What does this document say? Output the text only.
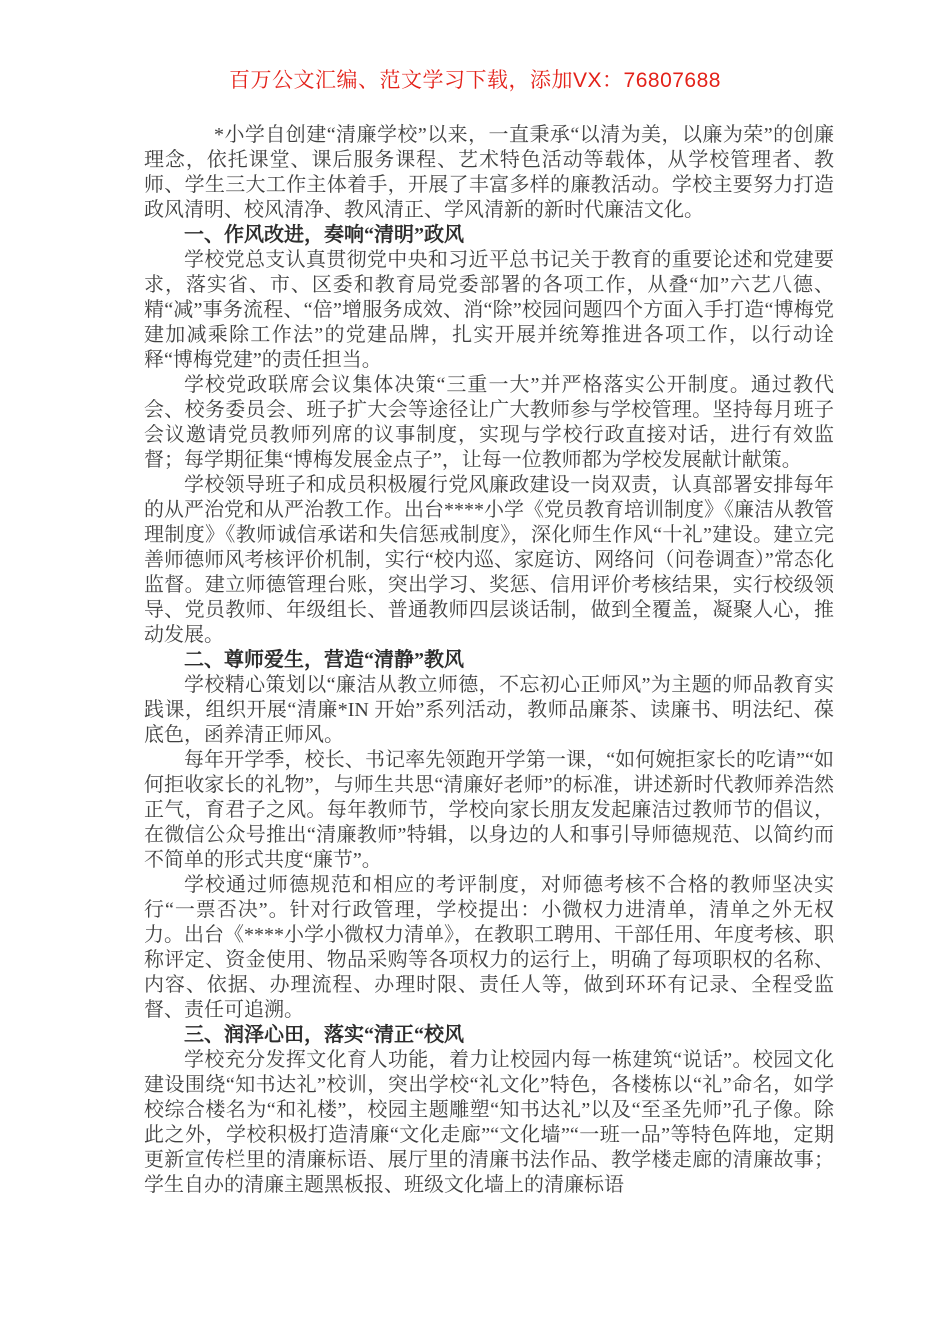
百万公文汇编、范文学习下载，添加VX：76807688

*小学自创建“清廉学校”以来，一直秉承“以清为美，以廉为荣”的创廉理念，依托课堂、课后服务课程、艺术特色活动等载体，从学校管理者、教师、学生三大工作主体着手，开展了丰富多样的廉教活动。学校主要努力打造政风清明、校风清净、教风清正、学风清新的新时代廉洁文化。

一、作风改进，奏响“清明”政风

学校党总支认真贯彻党中央和习近平总书记关于教育的重要论述和党建要求，落实省、市、区委和教育局党委部署的各项工作，从叠“加”六艺八德、精“减”事务流程、“倍”增服务成效、消“除”校园问题四个方面入手打造“博梅党建加减乘除工作法”的党建品牌，扎实开展并统筹推进各项工作，以行动诠释“博梅党建”的责任担当。

学校党政联席会议集体决策“三重一大”并严格落实公开制度。通过教代会、校务委员会、班子扩大会等途径让广大教师参与学校管理。坚持每月班子会议邀请党员教师列席的议事制度，实现与学校行政直接对话，进行有效监督；每学期征集“博梅发展金点子”，让每一位教师都为学校发展献计献策。

学校领导班子和成员积极履行党风廉政建设一岗双责，认真部署安排每年的从严治党和从严治教工作。出台****小学《党员教育培训制度》《廉洁从教管理制度》《教师诚信承诺和失信惩戒制度》，深化师生作风“十礼”建设。建立完善师德师风考核评价机制，实行“校内巡、家庭访、网络问（问卷调查）”常态化监督。建立师德管理台账，突出学习、奖惩、信用评价考核结果，实行校级领导、党员教师、年级组长、普通教师四层谈话制，做到全覆盖，凝聚人心，推动发展。

二、尊师爱生，营造“清静”教风

学校精心策划以“廉洁从教立师德，不忘初心正师风”为主题的师品教育实践课，组织开展“清廉*IN 开始”系列活动，教师品廉茶、读廉书、明法纪、葆底色，函养清正师风。

每年开学季，校长、书记率先领跑开学第一课，“如何婉拒家长的吃请”“如何拒收家长的礼物”，与师生共思“清廉好老师”的标准，讲述新时代教师养浩然正气，育君子之风。每年教师节，学校向家长朋友发起廉洁过教师节的倡议，在微信公众号推出“清廉教师”特辑，以身边的人和事引导师德规范、以简约而不简单的形式共度“廉节”。

学校通过师德规范和相应的考评制度，对师德考核不合格的教师坚决实行“一票否决”。针对行政管理，学校提出：小微权力进清单，清单之外无权力。出台《****小学小微权力清单》，在教职工聘用、干部任用、年度考核、职称评定、资金使用、物品采购等各项权力的运行上，明确了每项职权的名称、内容、依据、办理流程、办理时限、责任人等，做到环环有记录、全程受监督、责任可追溯。

三、润泽心田，落实“清正“校风

学校充分发挥文化育人功能，着力让校园内每一栋建筑“说话”。校园文化建设围绕“知书达礼”校训，突出学校“礼文化”特色，各楼栋以“礼”命名，如学校综合楼名为“和礼楼”，校园主题雕塑“知书达礼”以及“至圣先师”孔子像。除此之外，学校积极打造清廉“文化走廊”“文化墙”“一班一品”等特色阵地，定期更新宣传栏里的清廉标语、展厅里的清廉书法作品、教学楼走廊的清廉故事；学生自办的清廉主题黑板报、班级文化墙上的清廉标语
